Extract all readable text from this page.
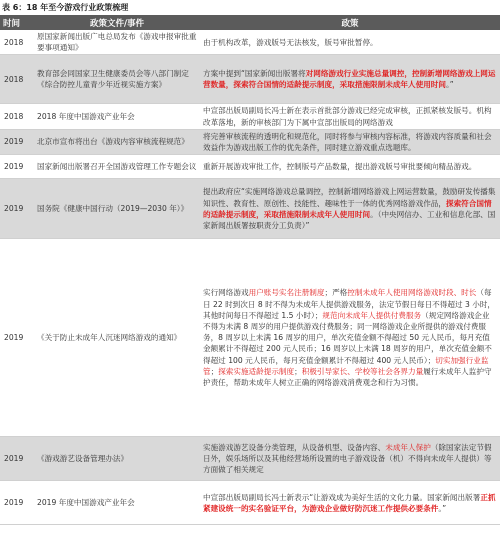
表 6：18 年至今游戏行业政策梳理
时间	政策文件/事件	政策
2018	原国家新闻出版广电总局发布《游戏申报审批重要事项通知》	由于机构改革，游戏版号无法核发，版号审批暂停。
2018	教育部会同国家卫生健康委员会等八部门制定《综合防控儿童青少年近视实施方案》	方案中提到“国家新闻出版署将对网络游戏行业实施总量调控，控制新增网络游戏上网运营数量，探索符合国情的适龄提示制度，采取措施限制未成年人使用时间。”
2018	2018 年度中国游戏产业年会	中宣部出版局副局长冯士新在表示首批部分游戏已经完成审核，正抓紧核发版号。机构改革落地，新的审核部门为下属中宣部出版局的网络游戏
2019	北京市宣布将出台《游戏内容审核流程规范》	将完善审核流程的透明化和规范化，同时将参与审核内容标准，将游戏内容质量和社会效益作为游戏出版工作的优先条件，同时建立游戏重点选题库。
2019	国家新闻出版署召开全国游戏管理工作专题会议	重新开展游戏审批工作，控制版号产品数量，提出游戏版号审批要倾向精品游戏。
2019	国务院《健康中国行动（2019—2030 年）》	提出政府应“实施网络游戏总量调控，控制新增网络游戏上网运营数量，鼓励研发传播集知识性、教育性、原创性、技能性、趣味性于一体的优秀网络游戏作品，探索符合国情的适龄提示制度，采取措施限制未成年人使用时间。（中央网信办、工业和信息化部、国家新闻出版署按职责分工负责）”
2019	《关于防止未成年人沉迷网络游戏的通知》	实行网络游戏用户账号实名注册制度；严格控制未成年人使用网络游戏时段、时长（每日 22 时到次日 8 时不得为未成年人提供游戏服务，法定节假日每日不得超过 3 小时，其他时间每日不得超过 1.5 小时）；规范向未成年人提供付费服务（规定网络游戏企业不得为未满 8 周岁的用户提供游戏付费服务；同一网络游戏企业所提供的游戏付费服务，8 周岁以上未满 16 周岁的用户，单次充值金额不得超过 50 元人民币，每月充值金额累计不得超过 200 元人民币；16 周岁以上未满 18 周岁的用户，单次充值金额不得超过 100 元人民币，每月充值金额累计不得超过 400 元人民币）；切实加强行业监管；探索实施适龄提示制度；积极引导家长、学校等社会各界力量履行未成年人监护守护责任，帮助未成年人树立正确的网络游戏消费观念和行为习惯。
2019	《游戏游艺设备管理办法》	实施游戏游艺设备分类管理，从设备机型、设备内容、未成年人保护（除国家法定节假日外，娱乐场所以及其他经营场所设置的电子游戏设备（机）不得向未成年人提供）等方面做了相关规定
2019	2019 年度中国游戏产业年会	中宣部出版局副局长冯士新表示“让游戏成为美好生活的文化力量。国家新闻出版署正抓紧建设统一的实名验证平台，为游戏企业做好防沉迷工作提供必要条件。”
